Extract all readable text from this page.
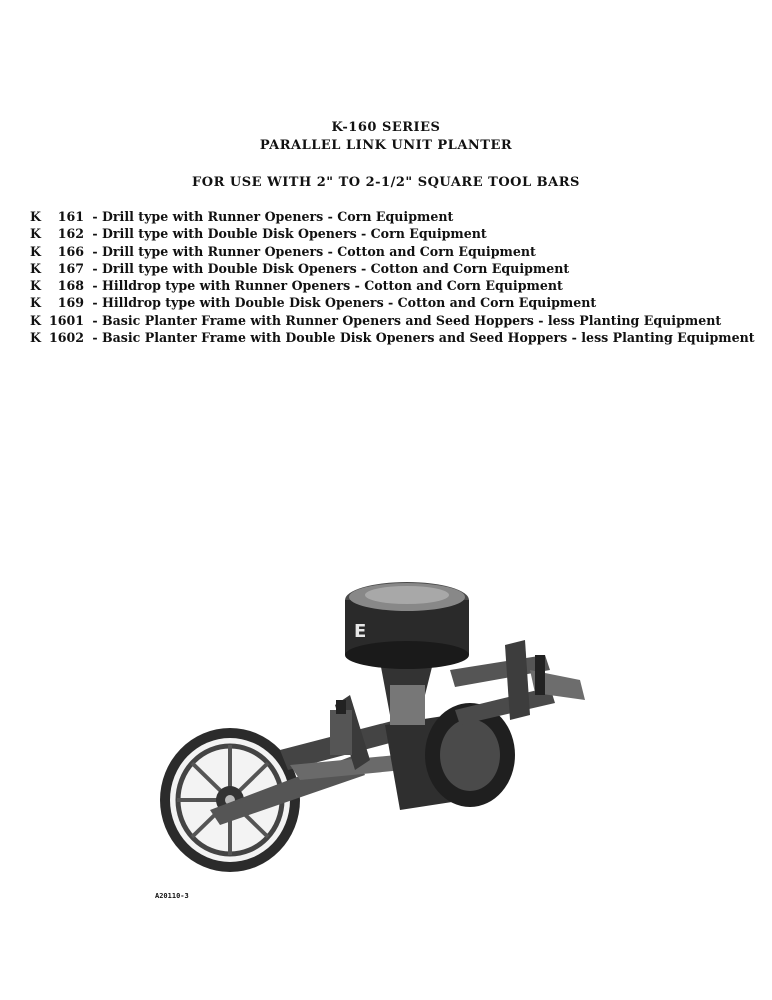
K-160 SERIES
PARALLEL LINK UNIT PLANTER
FOR USE WITH 2" TO 2-1/2" SQUARE TOOL BARS
K	161 - Drill type with Runner Openers - Corn Equipment
K	162 - Drill type with Double Disk Openers - Corn Equipment
K	166 - Drill type with Runner Openers - Cotton and Corn Equipment
K	167 - Drill type with Double Disk Openers - Cotton and Corn Equipment
K	168 - Hilldrop type with Runner Openers - Cotton and Corn Equipment
K	169 - Hilldrop type with Double Disk Openers - Cotton and Corn Equipment
K 1601 - Basic Planter Frame with Runner Openers and Seed Hoppers - less Planting Equipment
K 1602 - Basic Planter Frame with Double Disk Openers and Seed Hoppers - less Planting Equipment
E
A20110-3
